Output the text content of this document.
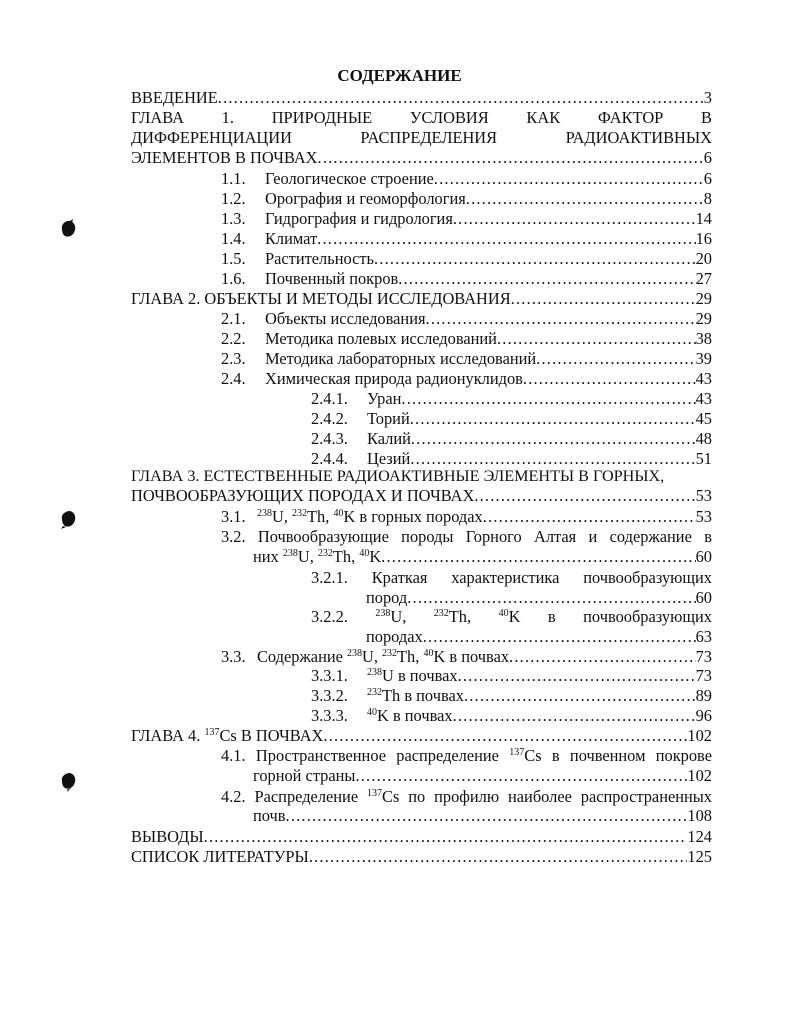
СОДЕРЖАНИЕ
ВВЕДЕНИЕ .....	3
ГЛАВА 1. ПРИРОДНЫЕ УСЛОВИЯ КАК ФАКТОР В
ДИФФЕРЕНЦИАЦИИ	РАСПРЕДЕЛЕНИЯ	РАДИОАКТИВНЫХ
ЭЛЕМЕНТОВ В ПОЧВАХ .....	6
1.1.	Геологическое строение .....	6
1.2.	Орография и геоморфология .....	8
1.3.	Гидрография и гидрология .....	14
1.4.	Климат .....	16
1.5.	Растительность .....	20
1.6.	Почвенный покров .....	27
ГЛАВА 2. ОБЪЕКТЫ И МЕТОДЫ ИССЛЕДОВАНИЯ .....	29
2.1.	Объекты исследования .....	29
2.2.	Методика полевых исследований .....	38
2.3.	Методика лабораторных исследований .....	39
2.4.	Химическая природа радионуклидов .....	43
2.4.1.	Уран .....	43
2.4.2.	Торий .....	45
2.4.3.	Калий .....	48
2.4.4.	Цезий .....	51
ГЛАВА 3. ЕСТЕСТВЕННЫЕ РАДИОАКТИВНЫЕ ЭЛЕМЕНТЫ В ГОРНЫХ,
ПОЧВООБРАЗУЮЩИХ ПОРОДАХ И ПОЧВАХ .....	53
3.1.	$^{238}$U, $^{232}$Th, $^{40}$K в горных породах .....	53
3.2. Почвообразующие породы Горного Алтая и содержание в
них $^{238}$U, $^{232}$Th, $^{40}$K .....	60
3.2.1. Краткая характеристика почвообразующих
пород .....	60
3.2.2.	$^{238}$U,	$^{232}$Th,	$^{40}$K в почвообразующих
породах .....	63
3.3. Содержание $^{238}$U, $^{232}$Th, $^{40}$K в почвах .....	73
3.3.1.	$^{238}$U в почвах .....	73
3.3.2.	$^{232}$Th в почвах .....	89
3.3.3.	$^{40}$K в почвах .....	96
ГЛАВА 4. $^{137}$Cs В ПОЧВАХ .....	102
4.1. Пространственное распределение $^{137}$Cs в почвенном покрове
горной страны .....	102
4.2. Распределение $^{137}$Cs по профилю наиболее распространенных
почв .....	108
ВЫВОДЫ .....	124
СПИСОК ЛИТЕРАТУРЫ .....	125
